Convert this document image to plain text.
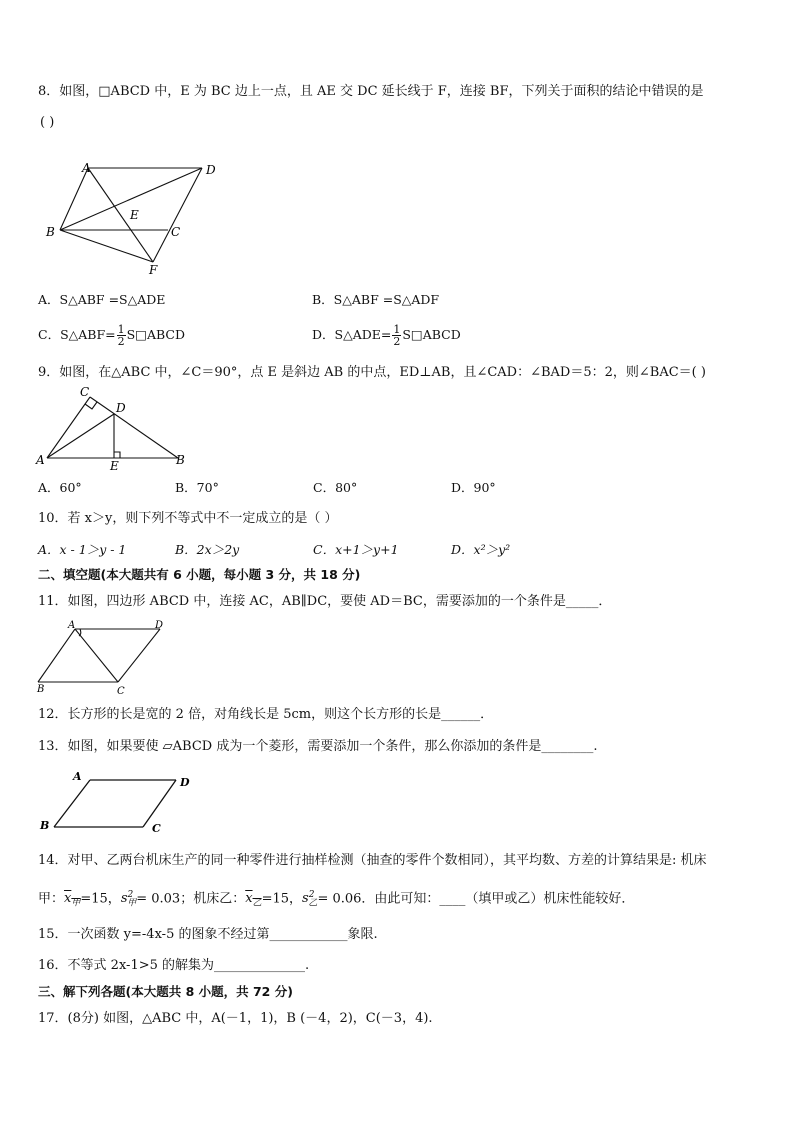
8．如图，□ABCD 中，E 为 BC 边上一点，且 AE 交 DC 延长线于 F，连接 BF，下列关于面积的结论中错误的是
( )
A	D
E
B	C
F
A．S△ABF =S△ADE	B．S△ABF =S△ADF
C．S△ABF= $\frac{1}{2}$ S□ABCD	D．S△ADE= $\frac{1}{2}$ S□ABCD
9．如图，在△ABC 中，∠C＝90°，点 E 是斜边 AB 的中点，ED⊥AB，且∠CAD：∠BAD＝5：2，则∠BAC＝( )
C
D
A	E	B
A．60°	B．70°	C．80°	D．90°
10．若 x＞y，则下列不等式中不一定成立的是（ ）
A．x - 1＞y - 1	B．2x＞2y	C．x+1＞y+1	D．x²＞y²
二、填空题(本大题共有 6 小题，每小题 3 分，共 18 分)
11．如图，四边形 ABCD 中，连接 AC，AB∥DC，要使 AD＝BC，需要添加的一个条件是_____．
A	D
B	C
12．长方形的长是宽的 2 倍，对角线长是 5cm，则这个长方形的长是______．
13．如图，如果要使 ▱ABCD 成为一个菱形，需要添加一个条件，那么你添加的条件是________.
A	D
B	C
14．对甲、乙两台机床生产的同一种零件进行抽样检测（抽查的零件个数相同），其平均数、方差的计算结果是: 机床
甲：$x_甲=15$，$s^2_甲= 0.03$；机床乙：$x_乙=15$，$s^2_乙= 0.06$．由此可知：____（填甲或乙）机床性能较好．
15．一次函数 y=-4x-5 的图象不经过第____________象限.
16．不等式 2x-1>5 的解集为______________.
三、解下列各题(本大题共 8 小题，共 72 分)
17．(8分) 如图，△ABC 中，A(－1，1)，B (－4，2)，C(－3，4).
